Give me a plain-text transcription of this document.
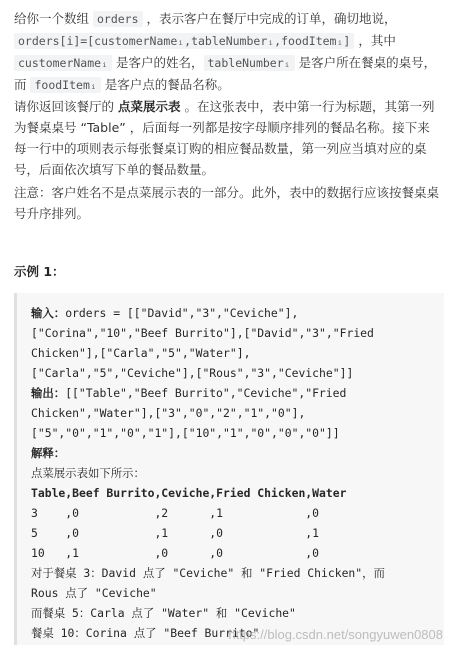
给你一个数组 orders ，表示客户在餐厅中完成的订单，确切地说，orders[i]=[customerNameᵢ,tableNumberᵢ,foodItemᵢ] ，其中customerNameᵢ 是客户的姓名， tableNumberᵢ 是客户所在餐桌的桌号，而 foodItemᵢ 是客户点的餐品名称。

请你返回该餐厅的 点菜展示表 。在这张表中，表中第一行为标题，其第一列为餐桌桌号 “Table” ，后面每一列都是按字母顺序排列的餐品名称。接下来每一行中的项则表示每张餐桌订购的相应餐品数量，第一列应当填对应的桌号，后面依次填写下单的餐品数量。

注意：客户姓名不是点菜展示表的一部分。此外，表中的数据行应该按餐桌桌号升序排列。

示例 1：
输入：orders = [["David","3","Ceviche"],
["Corina","10","Beef Burrito"],["David","3","Fried
Chicken"],["Carla","5","Water"],
["Carla","5","Ceviche"],["Rous","3","Ceviche"]]
输出：[["Table","Beef Burrito","Ceviche","Fried
Chicken","Water"],["3","0","2","1","0"],
["5","0","1","0","1"],["10","1","0","0","0"]]
解释：
点菜展示表如下所示：
Table,Beef Burrito,Ceviche,Fried Chicken,Water
3    ,0           ,2      ,1            ,0
5    ,0           ,1      ,0            ,1
10   ,1           ,0      ,0            ,0
对于餐桌 3：David 点了 "Ceviche" 和 "Fried Chicken"，而
Rous 点了 "Ceviche"
而餐桌 5：Carla 点了 "Water" 和 "Ceviche"
餐桌 10：Corina 点了 "Beef Burrito"
https://blog.csdn.net/songyuwen0808
